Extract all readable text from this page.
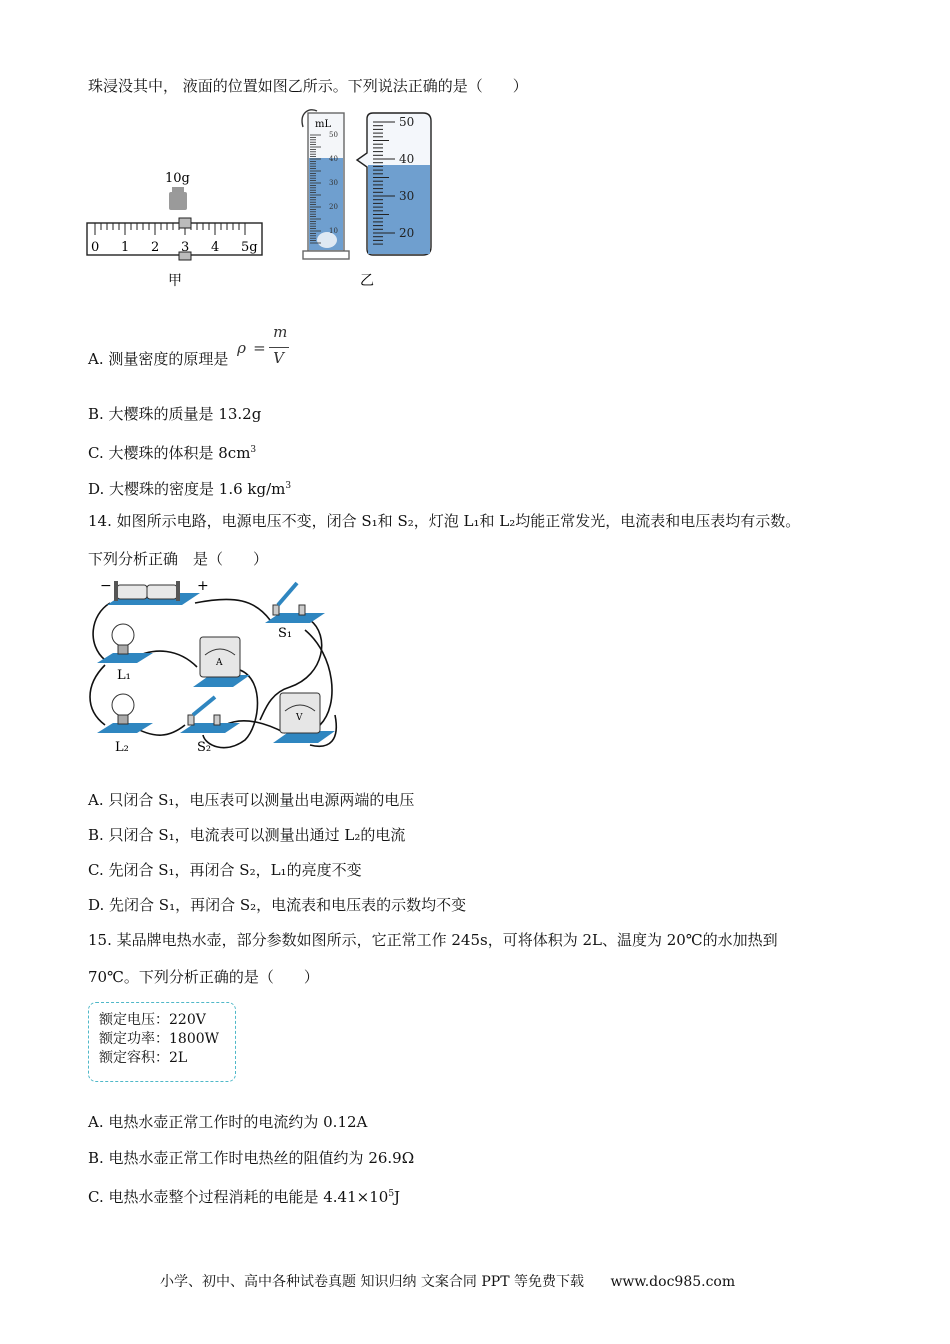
珠浸没其中， 液面的位置如图乙所示。下列说法正确的是（　　）
10g
0 1 2 3 4 5g
甲
mL
50
40
30
20
10
50
40
30
20
乙
A. 测量密度的原理是
ρ =
m
V
B. 大樱珠的质量是 13.2g
C. 大樱珠的体积是 $8cm^3$
D. 大樱珠的密度是 1.6 $kg/m^3$
14. 如图所示电路，电源电压不变，闭合 S₁和 S₂，灯泡 L₁和 L₂均能正常发光，电流表和电压表均有示数。
下列分析正确　是（　　）
−	+
S₁
L₁
A
L₂	S₂
V
A. 只闭合 S₁，电压表可以测量出电源两端的电压
B. 只闭合 S₁，电流表可以测量出通过 L₂的电流
C. 先闭合 S₁，再闭合 S₂，L₁的亮度不变
D. 先闭合 S₁，再闭合 S₂，电流表和电压表的示数均不变
15. 某品牌电热水壶，部分参数如图所示，它正常工作 245s，可将体积为 2L、温度为 20℃的水加热到
70℃。下列分析正确的是（　　）
额定电压：220V
额定功率：1800W
额定容积：2L
A. 电热水壶正常工作时的电流约为 0.12A
B. 电热水壶正常工作时电热丝的阻值约为 26.9Ω
C. 电热水壶整个过程消耗的电能是 $4.41\times 10^5J$
小学、初中、高中各种试卷真题 知识归纳 文案合同 PPT 等免费下载 www.doc985.com
